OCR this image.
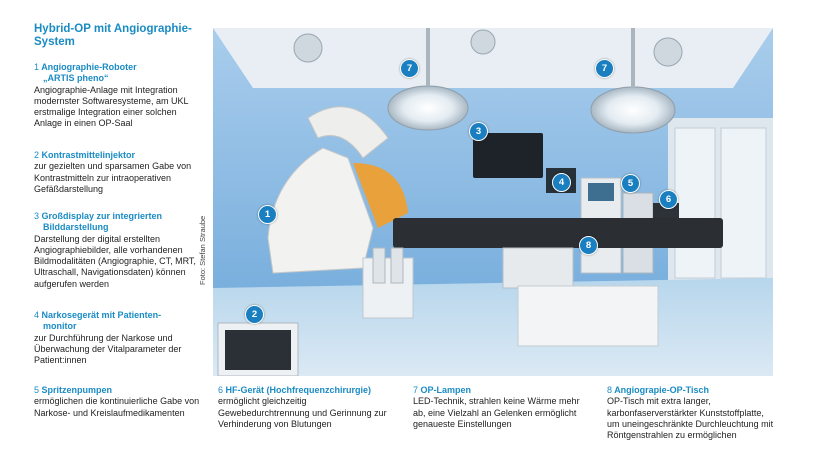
Hybrid-OP mit Angiographie-System
1 Angiographie-Roboter
„ARTIS pheno“
Angiographie-Anlage mit Integration modernster Softwaresysteme, am UKL erstmalige Integration einer solchen Anlage in einen OP-Saal
2 Kontrastmittelinjektor
zur gezielten und sparsamen Gabe von Kontrastmitteln zur intraoperativen Gefäßdarstellung
3 Großdisplay zur integrierten
Bilddarstellung
Darstellung der digital erstellten Angiographiebilder, alle vorhandenen Bildmodalitäten (Angiographie, CT, MRT, Ultraschall, Navigationsdaten) können aufgerufen werden
4 Narkosegerät mit Patienten-
monitor
zur Durchführung der Narkose und Überwachung der Vitalparameter der Patient:innen
5 Spritzenpumpen
ermöglichen die kontinuierliche Gabe von Narkose- und Kreislaufmedikamenten
6 HF-Gerät (Hochfrequenzchirurgie)
ermöglicht gleichzeitig Gewebedurchtrennung und Gerinnung zur Verhinderung von Blutungen
7 OP-Lampen
LED-Technik, strahlen keine Wärme mehr ab, eine Vielzahl an Gelenken ermöglicht genaueste Einstellungen
8 Angiograpie-OP-Tisch
OP-Tisch mit extra langer, karbonfaserverstärkter Kunststoffplatte, um uneingeschränkte Durchleuchtung mit Röntgenstrahlen zu ermöglichen
Foto: Stefan Straube
7	7
3
4	5
6
1
8
2
